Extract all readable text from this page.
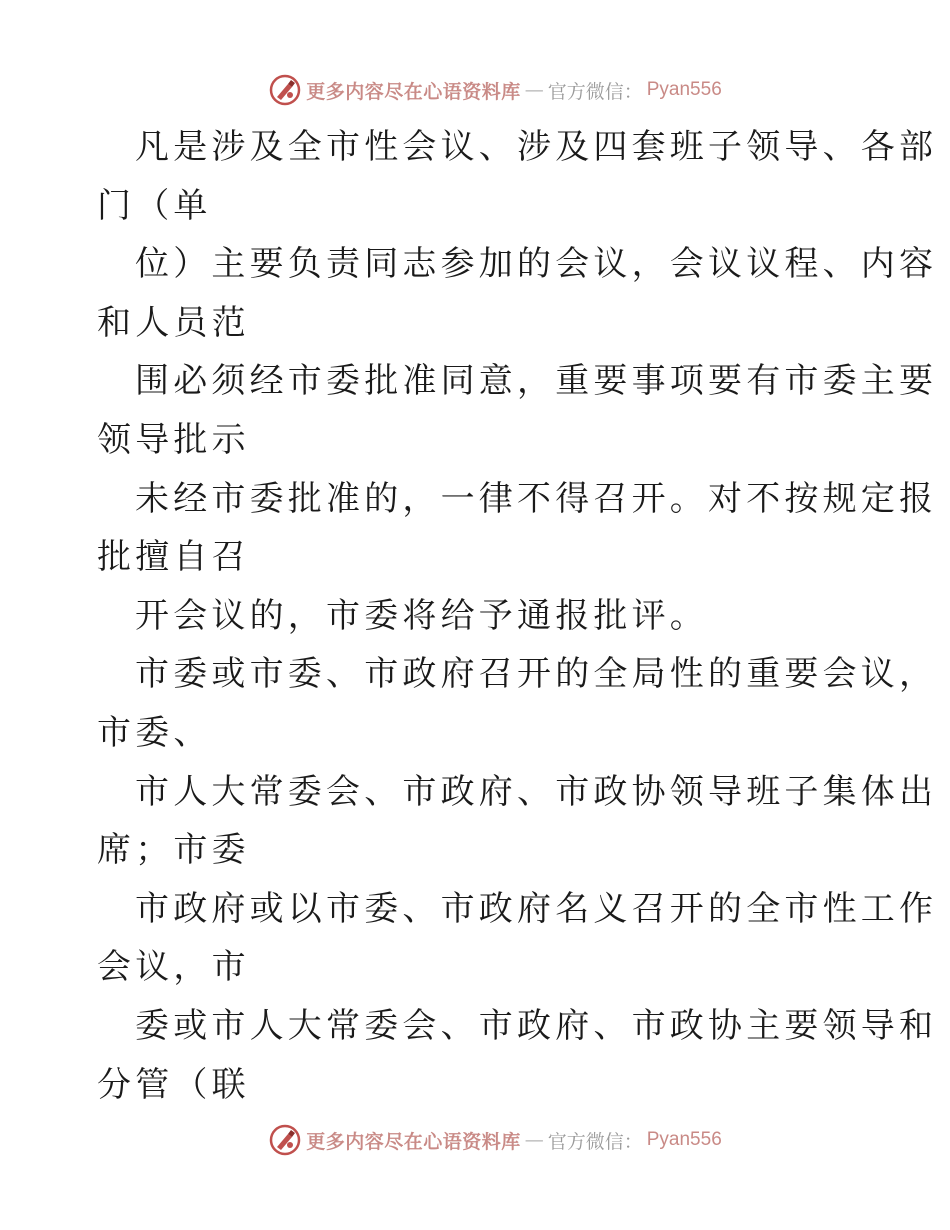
更多内容尽在心语资料库 — 官方微信： Pyan556
凡是涉及全市性会议、涉及四套班子领导、各部
门（单
位）主要负责同志参加的会议，会议议程、内容
和人员范
围必须经市委批准同意，重要事项要有市委主要
领导批示
未经市委批准的，一律不得召开。对不按规定报
批擅自召
开会议的，市委将给予通报批评。
市委或市委、市政府召开的全局性的重要会议，
市委、
市人大常委会、市政府、市政协领导班子集体出
席；市委
市政府或以市委、市政府名义召开的全市性工作
会议，市
委或市人大常委会、市政府、市政协主要领导和
分管（联
更多内容尽在心语资料库 — 官方微信： Pyan556
